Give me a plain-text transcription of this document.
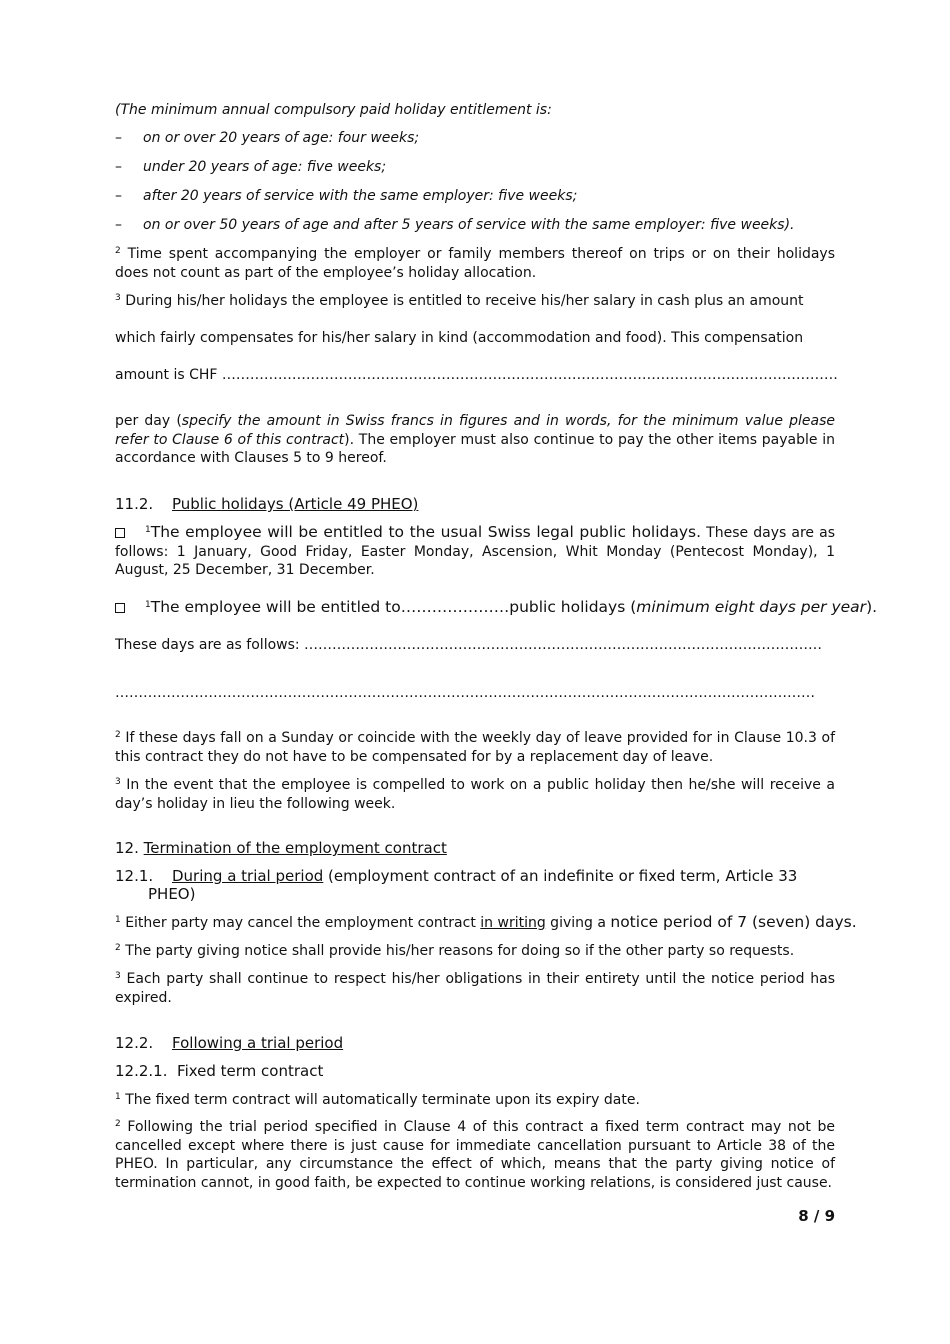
(The minimum annual compulsory paid holiday entitlement is:
– on or over 20 years of age: four weeks;
– under 20 years of age: five weeks;
– after 20 years of service with the same employer: five weeks;
– on or over 50 years of age and after 5 years of service with the same employer: five weeks).
$^2$ Time spent accompanying the employer or family members thereof on trips or on their holidays does not count as part of the employee’s holiday allocation.
$^3$ During his/her holidays the employee is entitled to receive his/her salary in cash plus an amount
which fairly compensates for his/her salary in kind (accommodation and food). This compensation
amount is CHF ……………………………………………………………………………………………………………………
per day (specify the amount in Swiss francs in figures and in words, for the minimum value please refer to Clause 6 of this contract). The employer must also continue to pay the other items payable in accordance with Clauses 5 to 9 hereof.
11.2. Public holidays (Article 49 PHEO)
$^1$The employee will be entitled to the usual Swiss legal public holidays. These days are as follows: 1 January, Good Friday, Easter Monday, Ascension, Whit Monday (Pentecost Monday), 1 August, 25 December, 31 December.
$^1$The employee will be entitled to…………………public holidays (minimum eight days per year).
These days are as follows: …………………………………………………………………………………………………
……………………………………………………………………………………………………………………………………
$^2$ If these days fall on a Sunday or coincide with the weekly day of leave provided for in Clause 10.3 of this contract they do not have to be compensated for by a replacement day of leave.
$^3$ In the event that the employee is compelled to work on a public holiday then he/she will receive a day’s holiday in lieu the following week.
12. Termination of the employment contract
12.1. During a trial period (employment contract of an indefinite or fixed term, Article 33
PHEO)
$^1$ Either party may cancel the employment contract in writing giving a notice period of 7 (seven) days.
$^2$ The party giving notice shall provide his/her reasons for doing so if the other party so requests.
$^3$ Each party shall continue to respect his/her obligations in their entirety until the notice period has expired.
12.2. Following a trial period
12.2.1. Fixed term contract
$^1$ The fixed term contract will automatically terminate upon its expiry date.
$^2$ Following the trial period specified in Clause 4 of this contract a fixed term contract may not be cancelled except where there is just cause for immediate cancellation pursuant to Article 38 of the PHEO. In particular, any circumstance the effect of which, means that the party giving notice of termination cannot, in good faith, be expected to continue working relations, is considered just cause.
8 / 9
